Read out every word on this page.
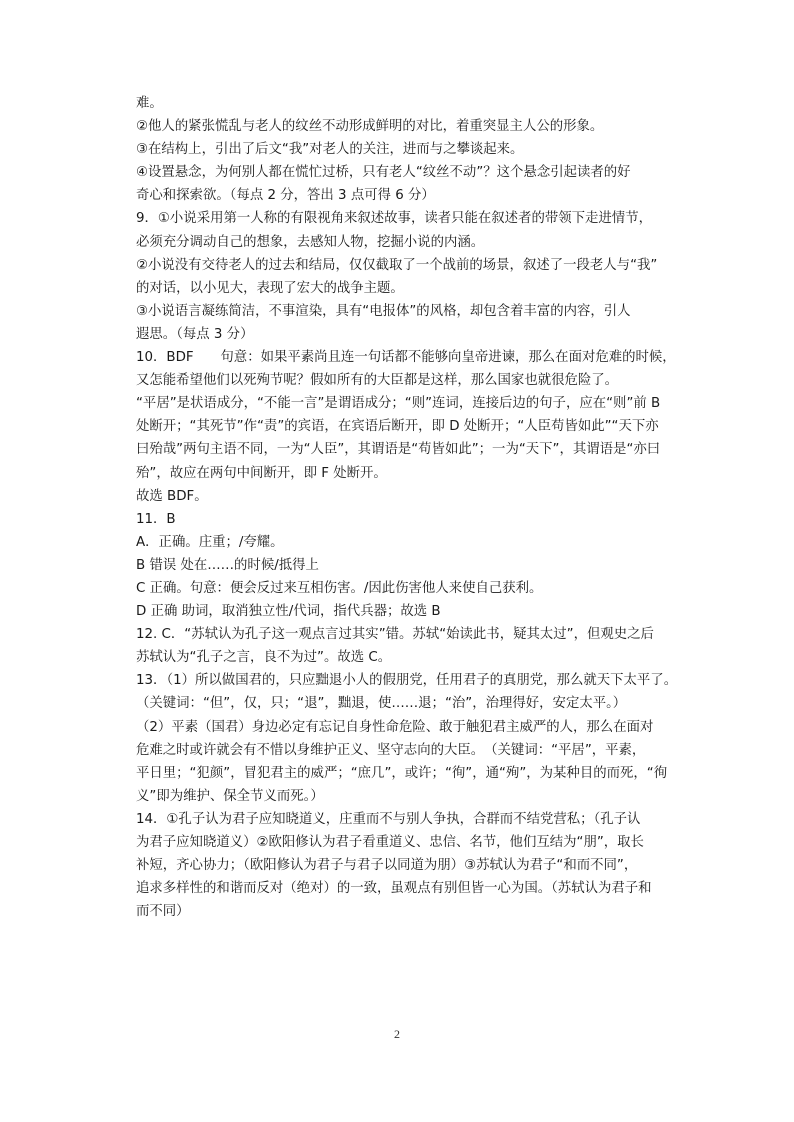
难。

②他人的紧张慌乱与老人的纹丝不动形成鲜明的对比，着重突显主人公的形象。

③在结构上，引出了后文“我”对老人的关注，进而与之攀谈起来。

④设置悬念，为何别人都在慌忙过桥，只有老人“纹丝不动”？这个悬念引起读者的好

奇心和探索欲。（每点 2 分，答出 3 点可得 6 分）

9．①小说采用第一人称的有限视角来叙述故事，读者只能在叙述者的带领下走进情节，

必须充分调动自己的想象，去感知人物，挖掘小说的内涵。

②小说没有交待老人的过去和结局，仅仅截取了一个战前的场景，叙述了一段老人与“我”

的对话，以小见大，表现了宏大的战争主题。

③小说语言凝练简洁，不事渲染，具有“电报体”的风格，却包含着丰富的内容，引人

遐思。（每点 3 分）

10．BDF　　句意：如果平素尚且连一句话都不能够向皇帝进谏，那么在面对危难的时候，

又怎能希望他们以死殉节呢？假如所有的大臣都是这样，那么国家也就很危险了。

“平居”是状语成分，“不能一言”是谓语成分；“则”连词，连接后边的句子，应在“则”前 B

处断开；“其死节”作“责”的宾语，在宾语后断开，即 D 处断开；“人臣苟皆如此”“天下亦

曰殆哉”两句主语不同，一为“人臣”，其谓语是“苟皆如此”；一为“天下”，其谓语是“亦曰

殆”，故应在两句中间断开，即 F 处断开。

故选 BDF。

11．B

A．正确。庄重；/夸耀。

B 错误 处在……的时候/抵得上

C 正确。句意：便会反过来互相伤害。/因此伤害他人来使自己获利。

D 正确 助词，取消独立性/代词，指代兵器；故选 B

12. C．“苏轼认为孔子这一观点言过其实”错。苏轼“始读此书，疑其太过”，但观史之后

苏轼认为“孔子之言，良不为过”。故选 C。

13．（1）所以做国君的，只应黜退小人的假朋党，任用君子的真朋党，那么就天下太平了。

（关键词：“但”，仅，只；“退”，黜退，使……退；“治”，治理得好，安定太平。）

（2）平素（国君）身边必定有忘记自身性命危险、敢于触犯君主威严的人，那么在面对

危难之时或许就会有不惜以身维护正义、坚守志向的大臣。　（关键词：“平居”，平素，

平日里；“犯颜”，冒犯君主的威严；“庶几”，或许；“徇”，通“殉”，为某种目的而死，“徇

义”即为维护、保全节义而死。）

14．①孔子认为君子应知晓道义，庄重而不与别人争执，合群而不结党营私；（孔子认

为君子应知晓道义）②欧阳修认为君子看重道义、忠信、名节，他们互结为“朋”，取长

补短，齐心协力；（欧阳修认为君子与君子以同道为朋）③苏轼认为君子“和而不同”，

追求多样性的和谐而反对（绝对）的一致，虽观点有别但皆一心为国。（苏轼认为君子和

而不同）

2
